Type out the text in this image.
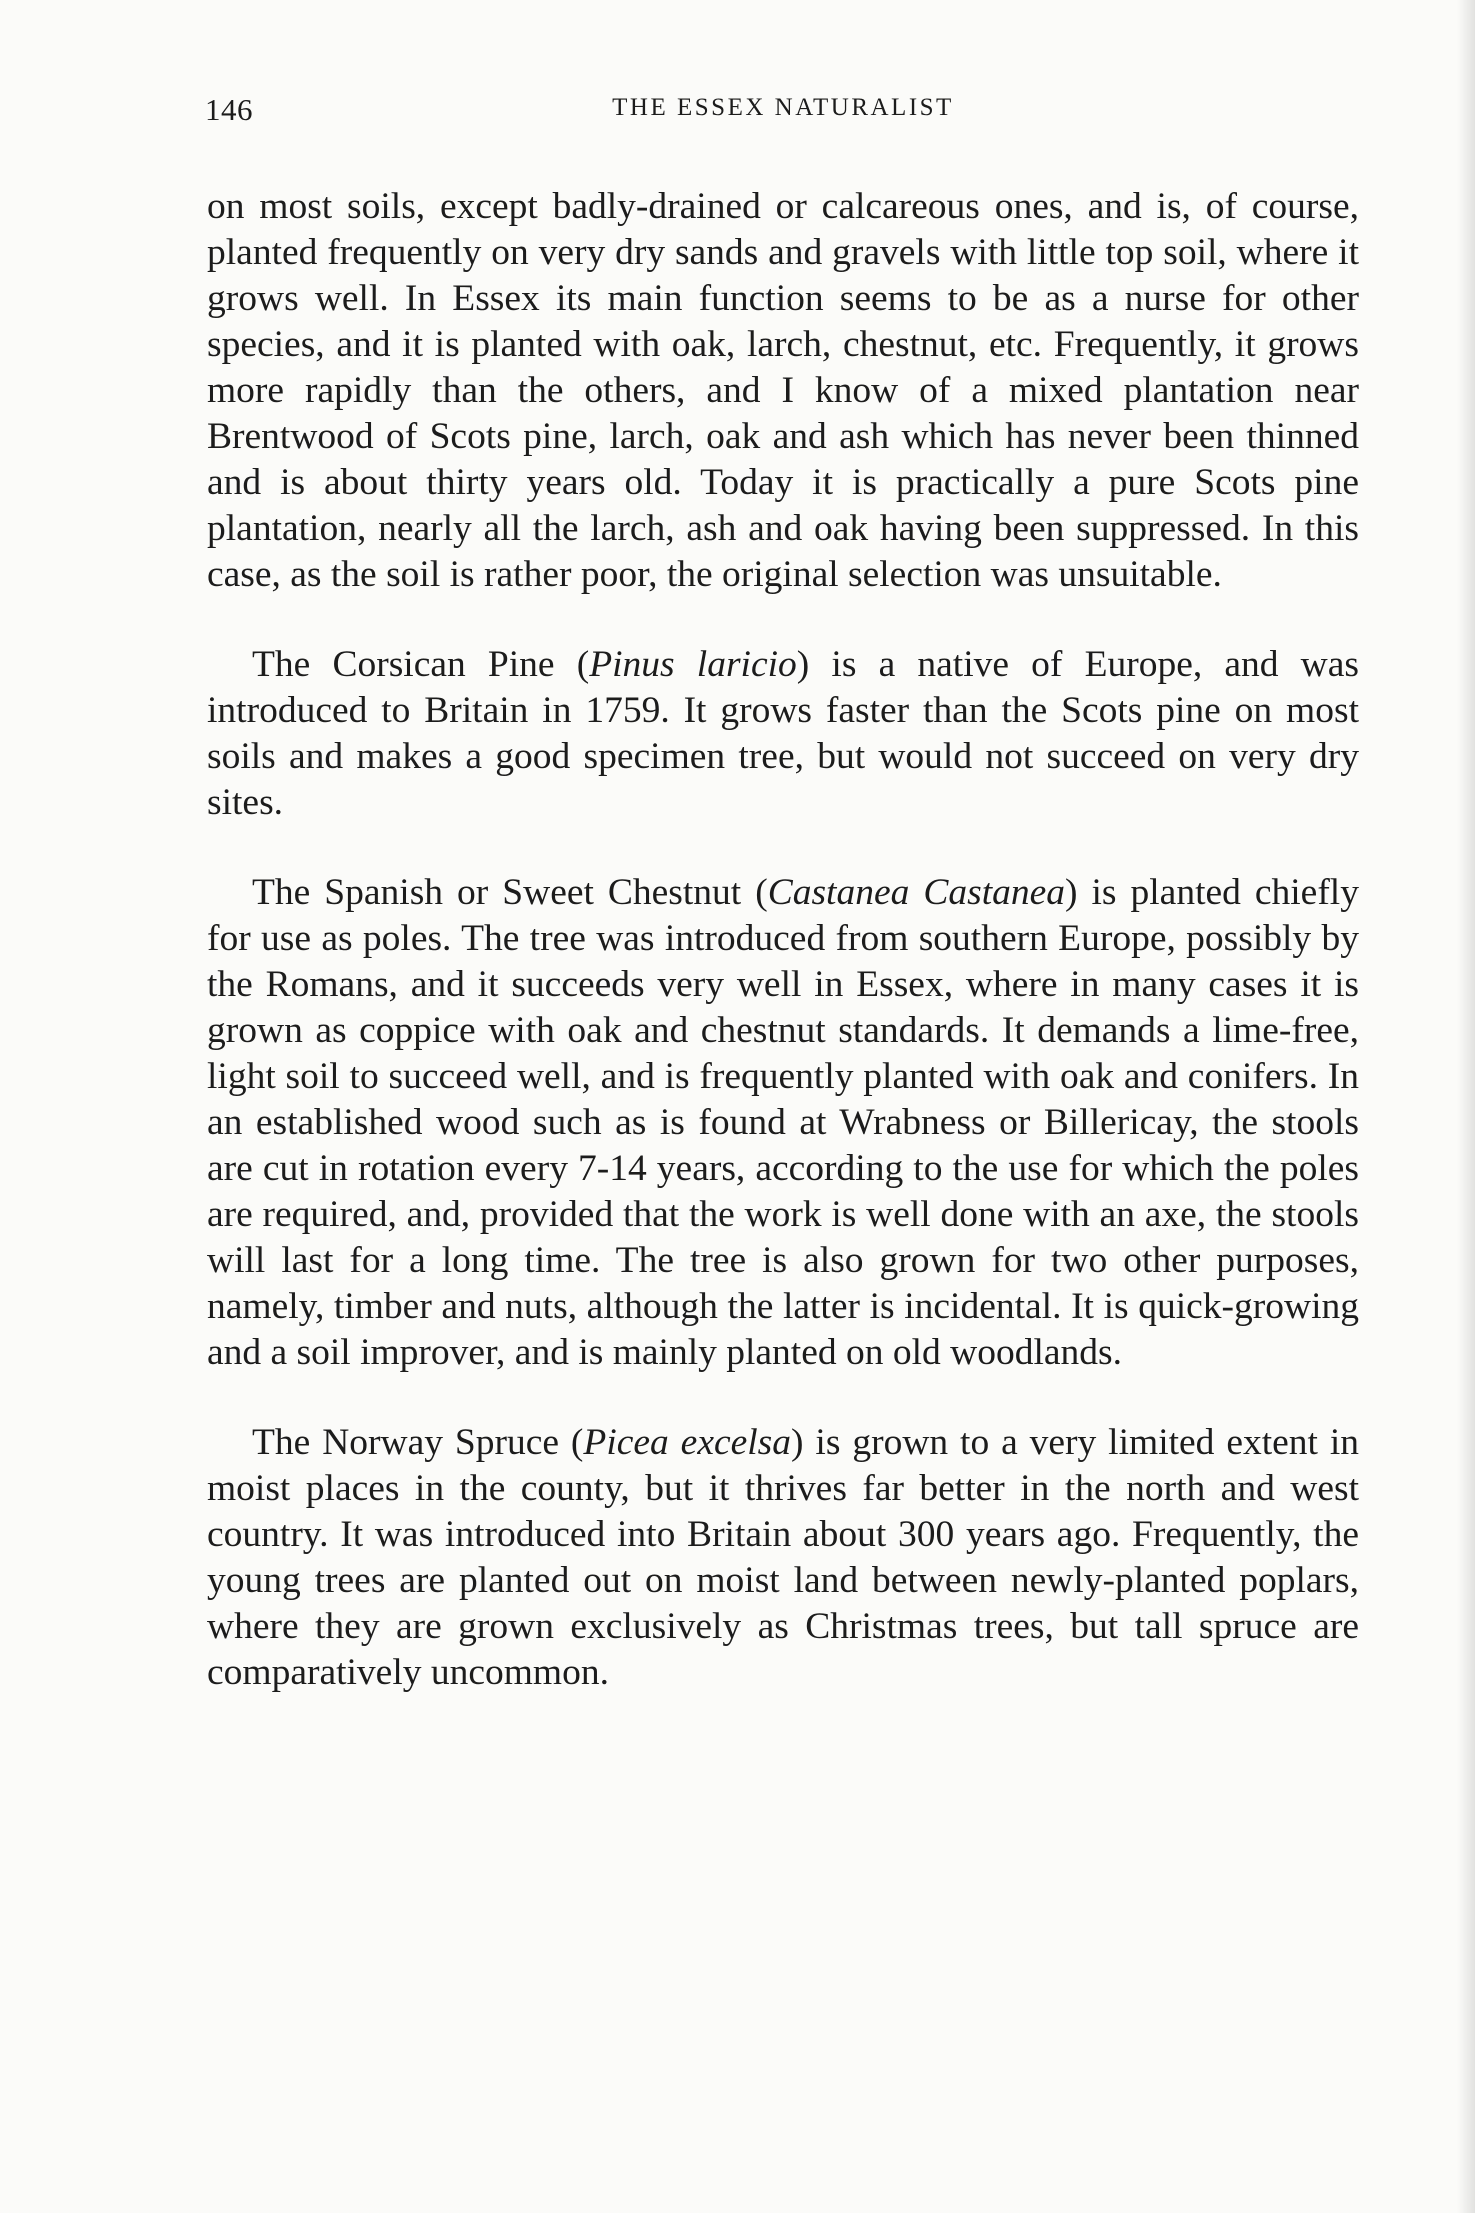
146	THE ESSEX NATURALIST

on most soils, except badly-drained or calcareous ones, and is, of course, planted frequently on very dry sands and gravels with little top soil, where it grows well. In Essex its main function seems to be as a nurse for other species, and it is planted with oak, larch, chestnut, etc. Frequently, it grows more rapidly than the others, and I know of a mixed plantation near Brentwood of Scots pine, larch, oak and ash which has never been thinned and is about thirty years old. Today it is practically a pure Scots pine plantation, nearly all the larch, ash and oak having been suppressed. In this case, as the soil is rather poor, the original selection was unsuitable.

The Corsican Pine (Pinus laricio) is a native of Europe, and was introduced to Britain in 1759. It grows faster than the Scots pine on most soils and makes a good specimen tree, but would not succeed on very dry sites.

The Spanish or Sweet Chestnut (Castanea Castanea) is planted chiefly for use as poles. The tree was introduced from southern Europe, possibly by the Romans, and it succeeds very well in Essex, where in many cases it is grown as coppice with oak and chestnut standards. It demands a lime-free, light soil to succeed well, and is frequently planted with oak and conifers. In an established wood such as is found at Wrabness or Billericay, the stools are cut in rotation every 7-14 years, according to the use for which the poles are required, and, provided that the work is well done with an axe, the stools will last for a long time. The tree is also grown for two other purposes, namely, timber and nuts, although the latter is incidental. It is quick-growing and a soil improver, and is mainly planted on old woodlands.

The Norway Spruce (Picea excelsa) is grown to a very limited extent in moist places in the county, but it thrives far better in the north and west country. It was introduced into Britain about 300 years ago. Frequently, the young trees are planted out on moist land between newly-planted poplars, where they are grown exclusively as Christmas trees, but tall spruce are comparatively uncommon.
